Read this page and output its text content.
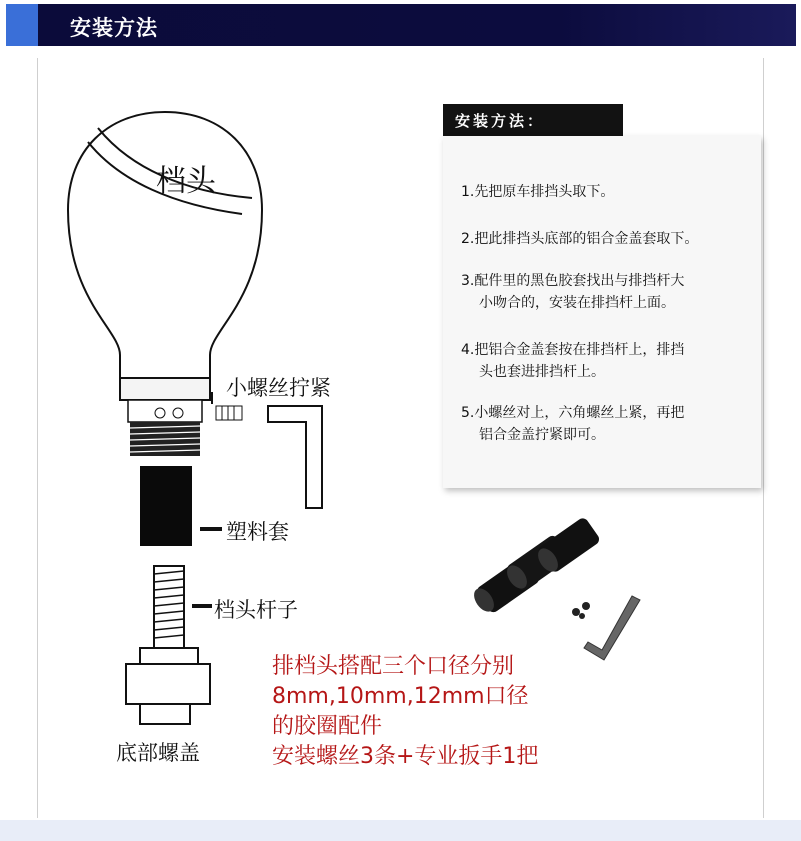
安装方法
档头
小螺丝拧紧
塑料套
档头杆子
底部螺盖
安装方法：
1.先把原车排挡头取下。
2.把此排挡头底部的铝合金盖套取下。
3.配件里的黑色胶套找出与排挡杆大
小吻合的，安装在排挡杆上面。
4.把铝合金盖套按在排挡杆上，排挡
头也套进排挡杆上。
5.小螺丝对上，六角螺丝上紧，再把
铝合金盖拧紧即可。
排档头搭配三个口径分别
8mm,10mm,12mm口径
的胶圈配件
安装螺丝3条+专业扳手1把
